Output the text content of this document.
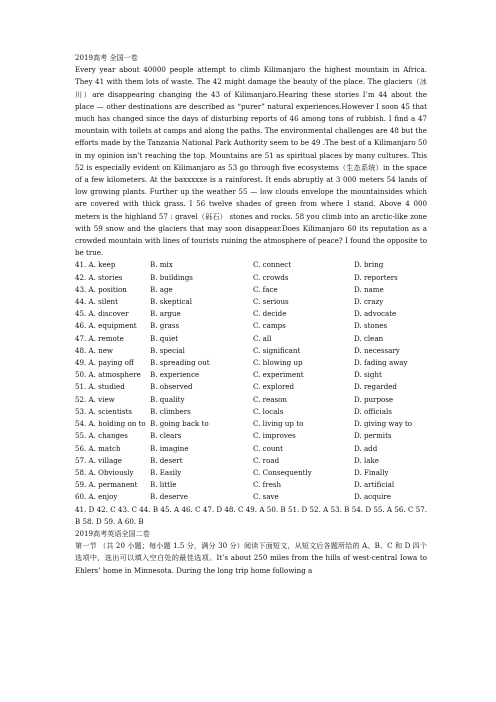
2019高考 全国一卷
Every year about 40000 people attempt to climb Kilimanjaro the highest mountain in Africa. They 41 with them lots of waste. The 42 might damage the beauty of the place. The glaciers（冰川）are disappearing changing the 43 of Kilimanjaro.Hearing these stories I’m 44 about the place — other destinations are described as “purer” natural experiences.However I soon 45 that much has changed since the days of disturbing reports of 46 among tons of rubbish. I find a 47 mountain with toilets at camps and along the paths. The environmental challenges are 48 but the efforts made by the Tanzania National Park Authority seem to be 49 .The best of a Kilimanjaro 50 in my opinion isn’t reaching the top. Mountains are 51 as spiritual places by many cultures. This 52 is especially evident on Kilimanjaro as 53 go through five ecosystems（生态系统）in the space of a few kilometers. At the baxxxxxe is a rainforest. It ends abruptly at 3 000 meters 54 lands of low growing plants. Further up the weather 55 — low clouds envelope the mountainsides which are covered with thick grass. I 56 twelve shades of green from where I stand. Above 4 000 meters is the highland 57 : gravel（砾石） stones and rocks. 58 you climb into an arctic-like zone with 59 snow and the glaciers that may soon disappear.Does Kilimanjaro 60 its reputation as a crowded mountain with lines of tourists ruining the atmosphere of peace? I found the opposite to be true.
41. A. keep	B. mix	C. connect	D. bring
42. A. stories	B. buildings	C. crowds	D. reporters
43. A. position	B. age	C. face	D. name
44. A. silent	B. skeptical	C. serious	D. crazy
45. A. discover	B. argue	C. decide	D. advocate
46. A. equipment	B. grass	C. camps	D. stones
47. A. remote	B. quiet	C. all	D. clean
48. A. new	B. special	C. significant	D. necessary
49. A. paying off	B. spreading out	C. blowing up	D. fading away
50. A. atmosphere	B. experience	C. experiment	D. sight
51. A. studied	B. observed	C. explored	D. regarded
52. A. view	B. quality	C. reason	D. purpose
53. A. scientists	B. climbers	C. locals	D. officials
54. A. holding on to B. going back to	C. living up to	D. giving way to
55. A. changes	B. clears	C. improves	D. permits
56. A. match	B. imagine	C. count	D. add
57. A. village	B. desert	C. road	D. lake
58. A. Obviously	B. Easily	C. Consequently	D. Finally
59. A. permanent	B. little	C. fresh	D. artificial
60. A. enjoy	B. deserve	C. save	D. acquire
41. D 42. C 43. C 44. B 45. A 46. C 47. D 48. C 49. A 50. B 51. D 52. A 53. B 54. D 55. A 56. C 57. B 58. D 59. A 60. B
2019高考英语全国二卷
第一节 （共 20 小题；每小题 1.5 分，满分 30 分）阅读下面短文，从短文后各题所给的 A、B、C 和 D 四个选项中，选出可以填入空白处的最佳选项。It’s about 250 miles from the hills of west-central Iowa to Ehlers’ home in Minnesota. During the long trip home following a
